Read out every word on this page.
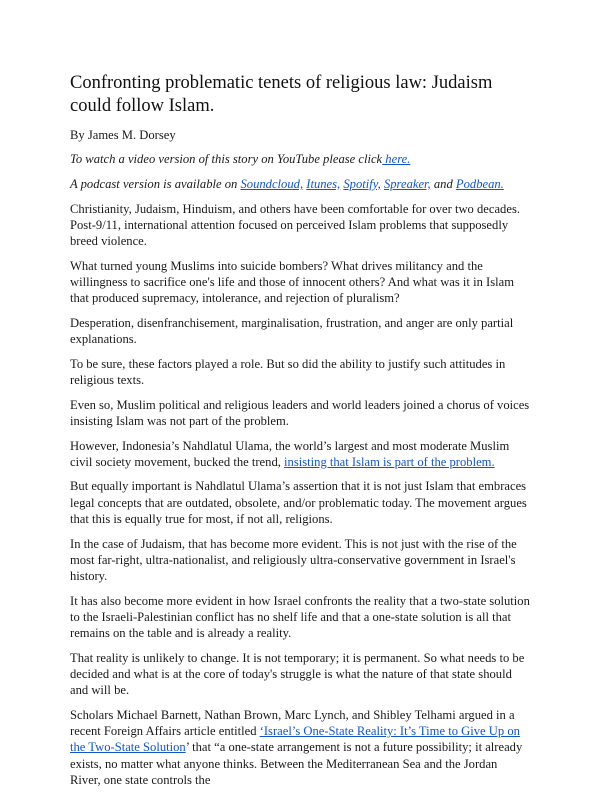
Confronting problematic tenets of religious law: Judaism could follow Islam.

By James M. Dorsey

To watch a video version of this story on YouTube please click here.

A podcast version is available on Soundcloud, Itunes, Spotify, Spreaker, and Podbean.

Christianity, Judaism, Hinduism, and others have been comfortable for over two decades. Post-9/11, international attention focused on perceived Islam problems that supposedly breed violence.

What turned young Muslims into suicide bombers? What drives militancy and the willingness to sacrifice one's life and those of innocent others? And what was it in Islam that produced supremacy, intolerance, and rejection of pluralism?

Desperation, disenfranchisement, marginalisation, frustration, and anger are only partial explanations.

To be sure, these factors played a role. But so did the ability to justify such attitudes in religious texts.

Even so, Muslim political and religious leaders and world leaders joined a chorus of voices insisting Islam was not part of the problem.

However, Indonesia’s Nahdlatul Ulama, the world’s largest and most moderate Muslim civil society movement, bucked the trend, insisting that Islam is part of the problem.

But equally important is Nahdlatul Ulama’s assertion that it is not just Islam that embraces legal concepts that are outdated, obsolete, and/or problematic today. The movement argues that this is equally true for most, if not all, religions.

In the case of Judaism, that has become more evident. This is not just with the rise of the most far-right, ultra-nationalist, and religiously ultra-conservative government in Israel's history.

It has also become more evident in how Israel confronts the reality that a two-state solution to the Israeli-Palestinian conflict has no shelf life and that a one-state solution is all that remains on the table and is already a reality.

That reality is unlikely to change. It is not temporary; it is permanent. So what needs to be decided and what is at the core of today's struggle is what the nature of that state should and will be.

Scholars Michael Barnett, Nathan Brown, Marc Lynch, and Shibley Telhami argued in a recent Foreign Affairs article entitled ‘Israel’s One-State Reality: It’s Time to Give Up on the Two-State Solution’ that “a one-state arrangement is not a future possibility; it already exists, no matter what anyone thinks. Between the Mediterranean Sea and the Jordan River, one state controls the
